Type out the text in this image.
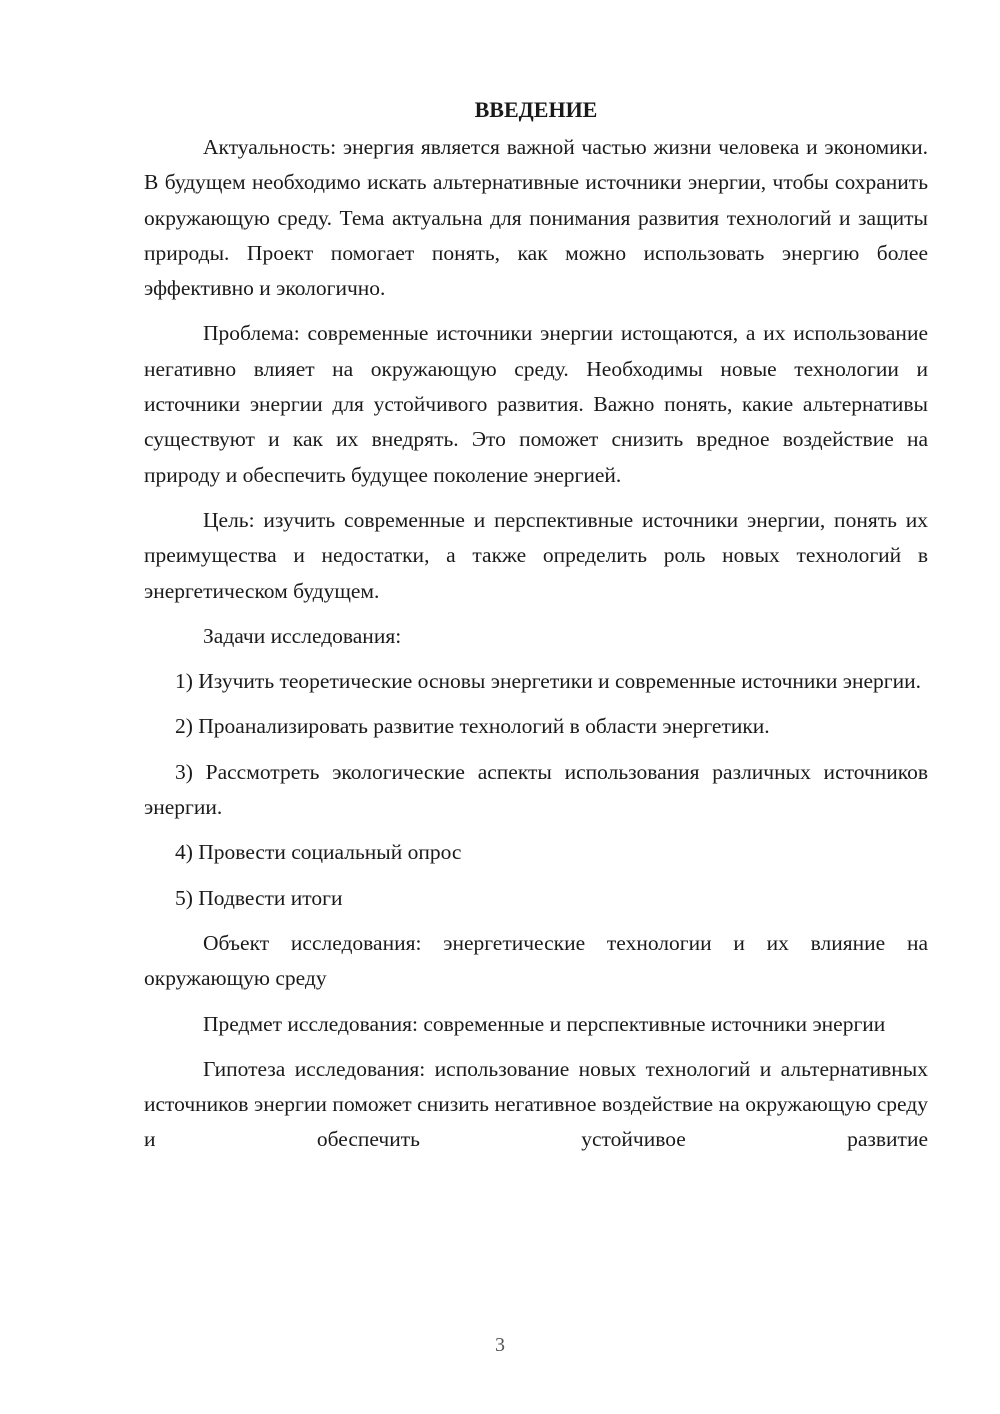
ВВЕДЕНИЕ

Актуальность: энергия является важной частью жизни человека и экономики. В будущем необходимо искать альтернативные источники энергии, чтобы сохранить окружающую среду. Тема актуальна для понимания развития технологий и защиты природы. Проект помогает понять, как можно использовать энергию более эффективно и экологично.

Проблема: современные источники энергии истощаются, а их использование негативно влияет на окружающую среду. Необходимы новые технологии и источники энергии для устойчивого развития. Важно понять, какие альтернативы существуют и как их внедрять. Это поможет снизить вредное воздействие на природу и обеспечить будущее поколение энергией.

Цель: изучить современные и перспективные источники энергии, понять их преимущества и недостатки, а также определить роль новых технологий в энергетическом будущем.

Задачи исследования:

1) Изучить теоретические основы энергетики и современные источники энергии.

2) Проанализировать развитие технологий в области энергетики.

3) Рассмотреть экологические аспекты использования различных источников энергии.

4) Провести социальный опрос

5) Подвести итоги

Объект исследования: энергетические технологии и их влияние на окружающую среду

Предмет исследования: современные и перспективные источники энергии

Гипотеза исследования: использование новых технологий и альтернативных источников энергии поможет снизить негативное воздействие на окружающую среду и обеспечить устойчивое развитие

3
